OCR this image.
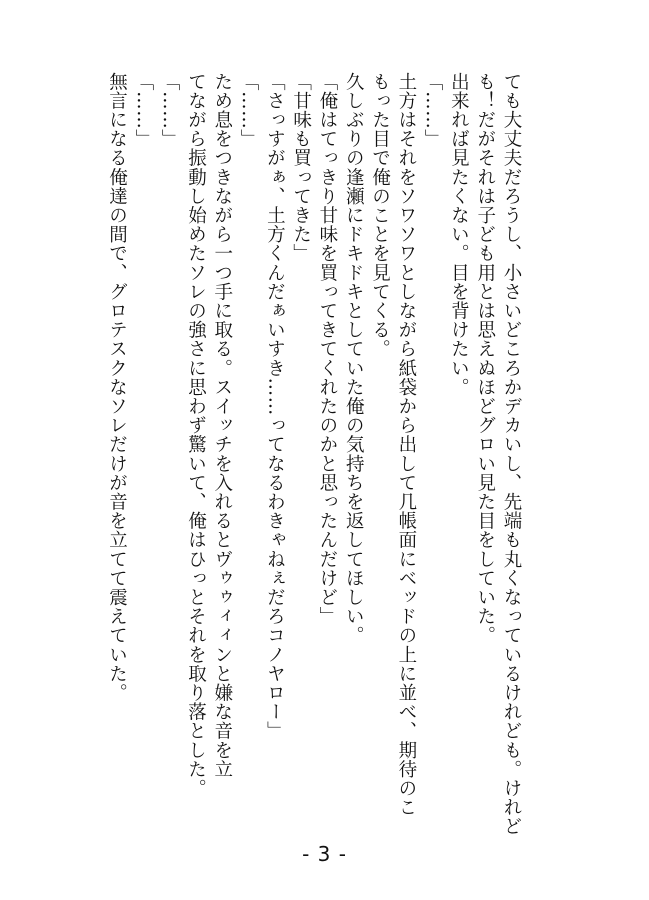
ても大丈夫だろうし、小さいどころかデカいし、先端も丸くなっているけれども。けれど

も！だがそれは子ども用とは思えぬほどグロい見た目をしていた。

出来れば見たくない。目を背けたい。

「……」

土方はそれをソワソワとしながら紙袋から出して几帳面にベッドの上に並べ、期待のこ

もった目で俺のことを見てくる。

久しぶりの逢瀬にドキドキとしていた俺の気持ちを返してほしい。

「俺はてっきり甘味を買ってきてくれたのかと思ったんだけど」

「甘味も買ってきた」

「さっすがぁ、土方くんだぁいすき……ってなるわきゃねぇだろコノヤロー」

「……」

ため息をつきながら一つ手に取る。スイッチを入れるとヴゥゥィィンと嫌な音を立

てながら振動し始めたソレの強さに思わず驚いて、俺はひっとそれを取り落とした。

「……」

「……」

無言になる俺達の間で、グロテスクなソレだけが音を立てて震えていた。

- 3 -
